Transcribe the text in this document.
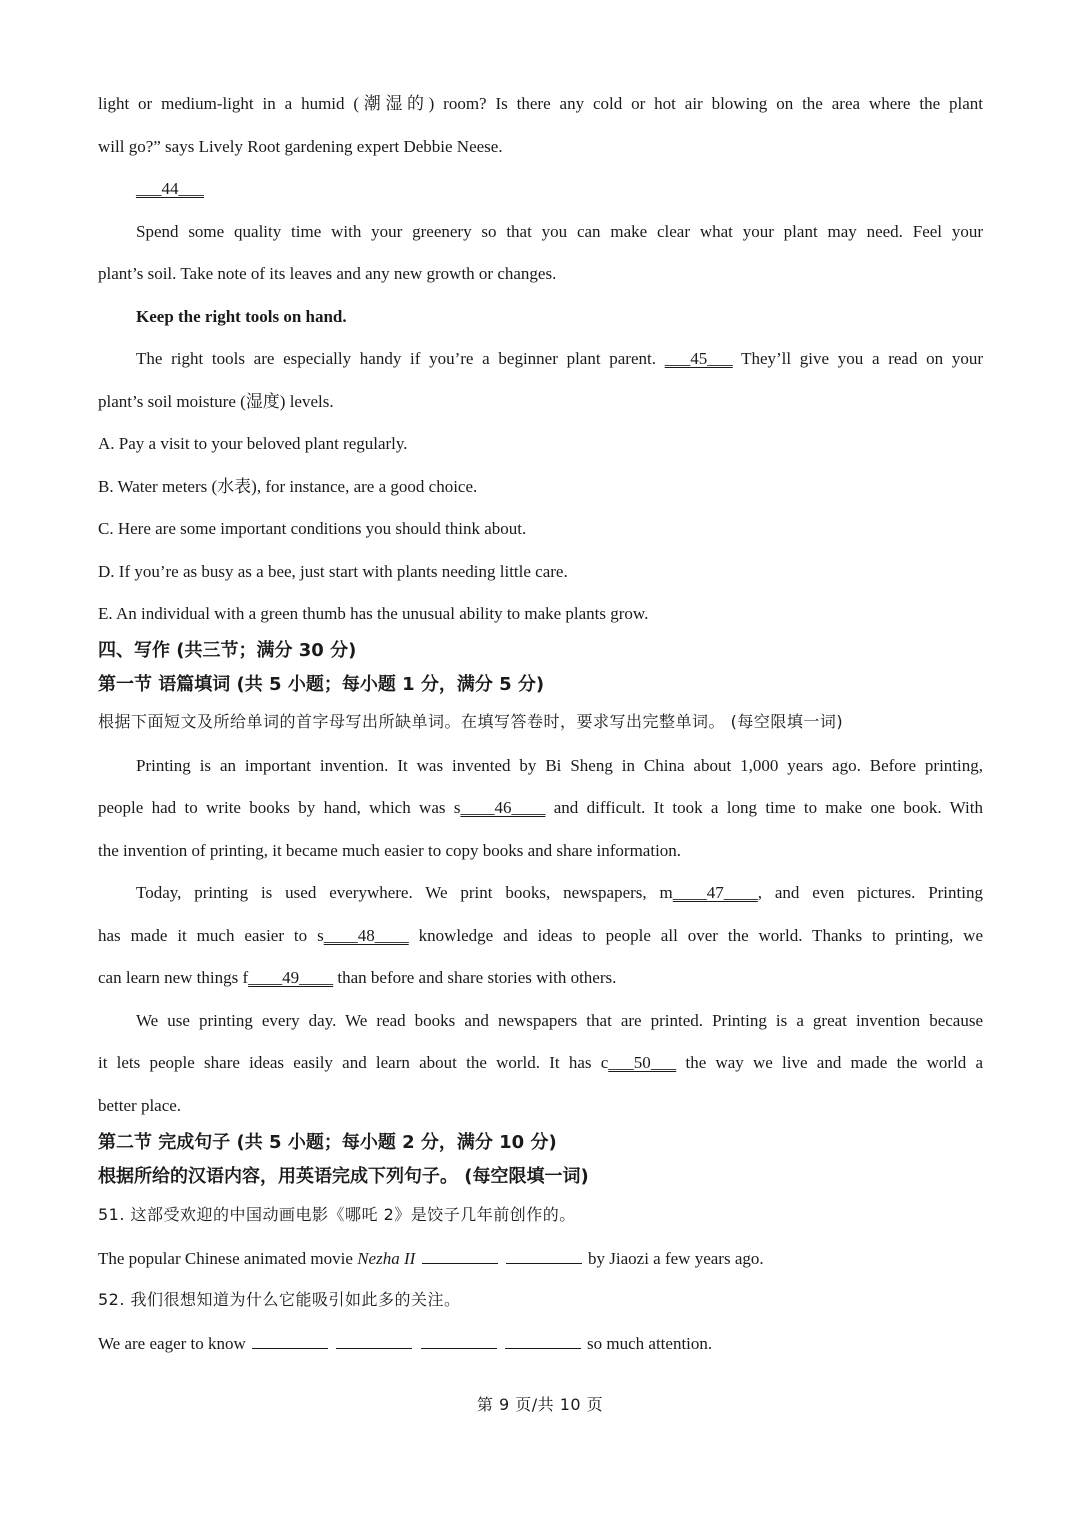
light or medium-light in a humid (潮湿的) room? Is there any cold or hot air blowing on the area where the plant
will go?” says Lively Root gardening expert Debbie Neese.
___44___
Spend some quality time with your greenery so that you can make clear what your plant may need. Feel your
plant’s soil. Take note of its leaves and any new growth or changes.
Keep the right tools on hand.
The right tools are especially handy if you’re a beginner plant parent. ___45___ They’ll give you a read on your
plant’s soil moisture (湿度) levels.
A. Pay a visit to your beloved plant regularly.
B. Water meters (水表), for instance, are a good choice.
C. Here are some important conditions you should think about.
D. If you’re as busy as a bee, just start with plants needing little care.
E. An individual with a green thumb has the unusual ability to make plants grow.
四、写作 (共三节；满分 30 分)
第一节 语篇填词 (共 5 小题；每小题 1 分，满分 5 分)
根据下面短文及所给单词的首字母写出所缺单词。在填写答卷时，要求写出完整单词。 (每空限填一词)
Printing is an important invention. It was invented by Bi Sheng in China about 1,000 years ago. Before printing,
people had to write books by hand, which was s____46____ and difficult. It took a long time to make one book. With
the invention of printing, it became much easier to copy books and share information.
Today, printing is used everywhere. We print books, newspapers, m____47____, and even pictures. Printing
has made it much easier to s____48____ knowledge and ideas to people all over the world. Thanks to printing, we
can learn new things f____49____ than before and share stories with others.
We use printing every day. We read books and newspapers that are printed. Printing is a great invention because
it lets people share ideas easily and learn about the world. It has c___50___ the way we live and made the world a
better place.
第二节 完成句子 (共 5 小题；每小题 2 分，满分 10 分)
根据所给的汉语内容，用英语完成下列句子。 (每空限填一词)
51. 这部受欢迎的中国动画电影《哪吒 2》是饺子几年前创作的。
The popular Chinese animated movie Nezha II	by Jiaozi a few years ago.
52. 我们很想知道为什么它能吸引如此多的关注。
We are eager to know	so much attention.
第 9 页/共 10 页
